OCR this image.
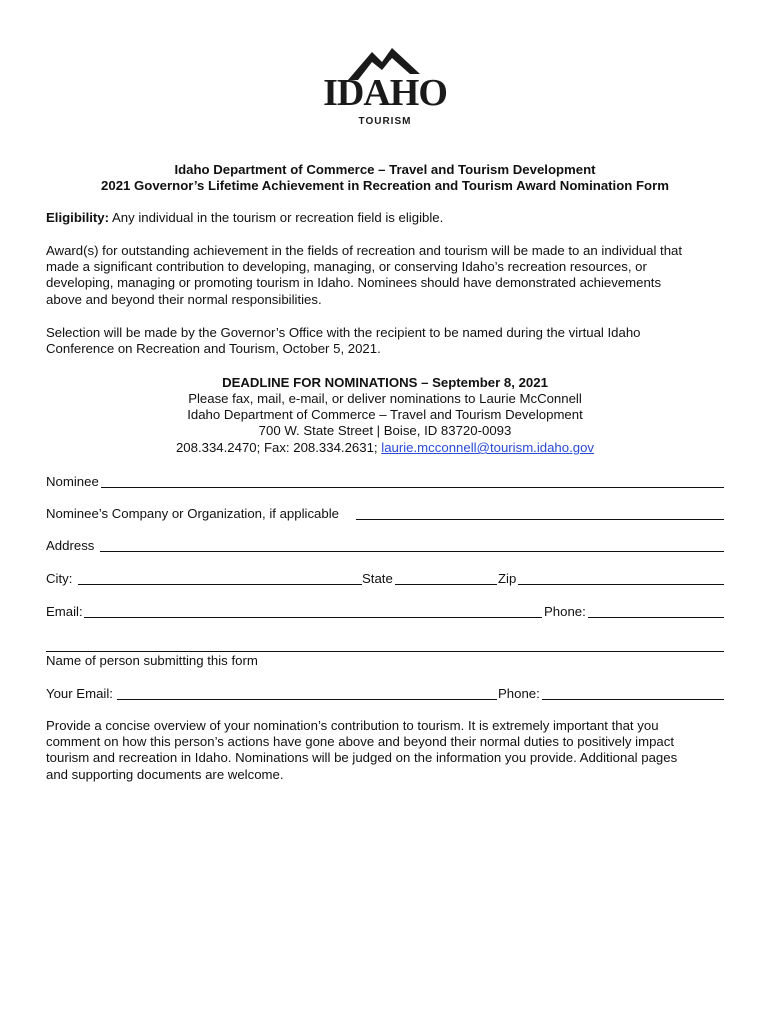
IDAHO
TOURISM
Idaho Department of Commerce – Travel and Tourism Development
2021 Governor’s Lifetime Achievement in Recreation and Tourism Award Nomination Form
Eligibility: Any individual in the tourism or recreation field is eligible.
Award(s) for outstanding achievement in the fields of recreation and tourism will be made to an individual that
made a significant contribution to developing, managing, or conserving Idaho’s recreation resources, or
developing, managing or promoting tourism in Idaho. Nominees should have demonstrated achievements
above and beyond their normal responsibilities.
Selection will be made by the Governor’s Office with the recipient to be named during the virtual Idaho
Conference on Recreation and Tourism, October 5, 2021.
DEADLINE FOR NOMINATIONS – September 8, 2021
Please fax, mail, e-mail, or deliver nominations to Laurie McConnell
Idaho Department of Commerce – Travel and Tourism Development
700 W. State Street | Boise, ID 83720-0093
208.334.2470; Fax: 208.334.2631; laurie.mcconnell@tourism.idaho.gov
Nominee
Nominee’s Company or Organization, if applicable
Address
City:	State	Zip
Email:	Phone:
Name of person submitting this form
Your Email:	Phone:
Provide a concise overview of your nomination’s contribution to tourism. It is extremely important that you
comment on how this person’s actions have gone above and beyond their normal duties to positively impact
tourism and recreation in Idaho. Nominations will be judged on the information you provide. Additional pages
and supporting documents are welcome.
